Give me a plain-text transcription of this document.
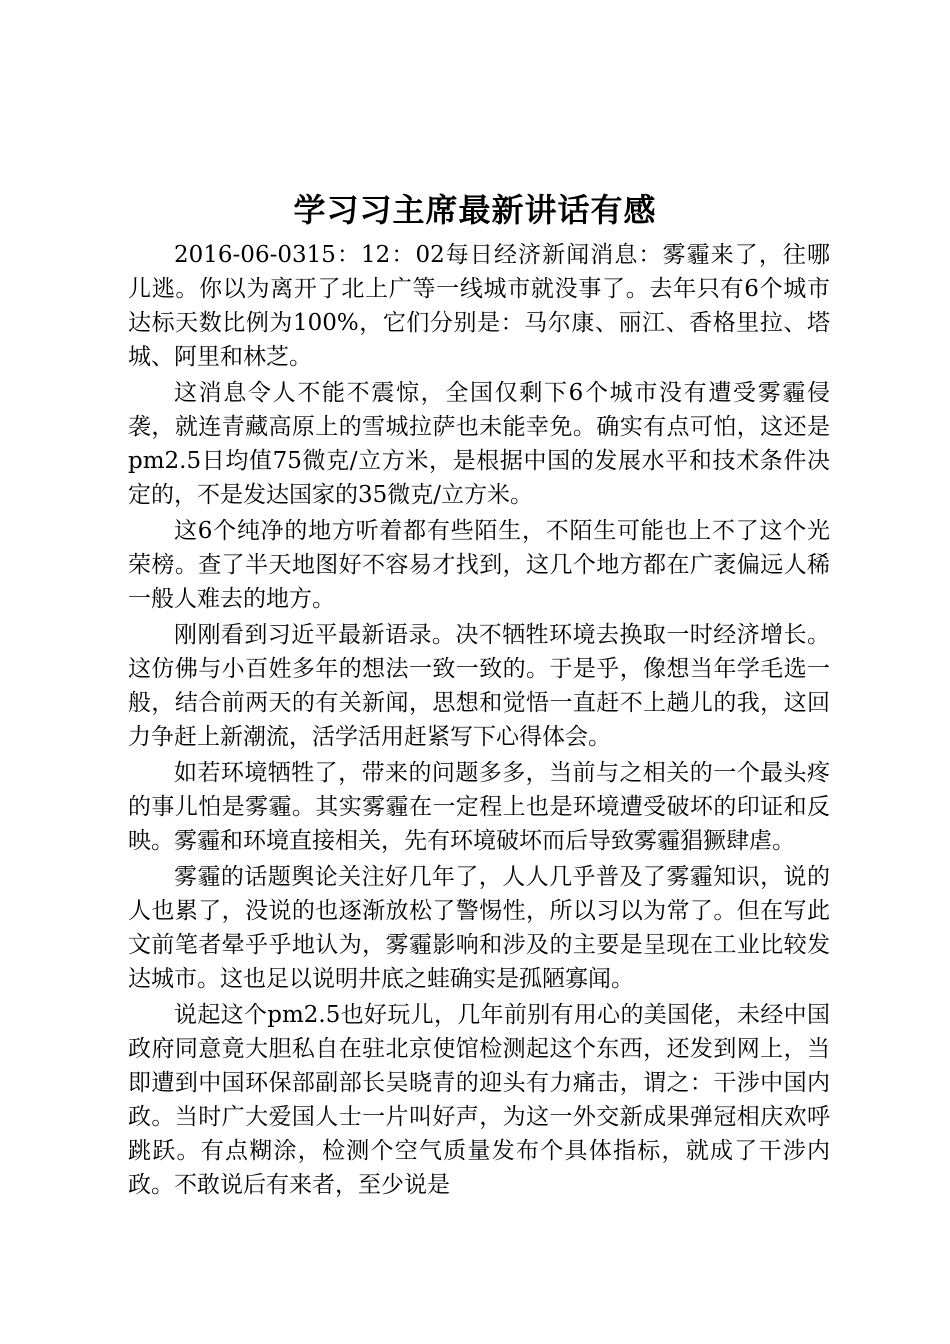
学习习主席最新讲话有感

2016-06-0315：12：02每日经济新闻消息：雾霾来了，往哪儿逃。你以为离开了北上广等一线城市就没事了。去年只有6个城市达标天数比例为100%，它们分别是：马尔康、丽江、香格里拉、塔城、阿里和林芝。

这消息令人不能不震惊，全国仅剩下6个城市没有遭受雾霾侵袭，就连青藏高原上的雪城拉萨也未能幸免。确实有点可怕，这还是pm2.5日均值75微克/立方米，是根据中国的发展水平和技术条件决定的，不是发达国家的35微克/立方米。

这6个纯净的地方听着都有些陌生，不陌生可能也上不了这个光荣榜。查了半天地图好不容易才找到，这几个地方都在广袤偏远人稀一般人难去的地方。

刚刚看到习近平最新语录。决不牺牲环境去换取一时经济增长。这仿佛与小百姓多年的想法一致一致的。于是乎，像想当年学毛选一般，结合前两天的有关新闻，思想和觉悟一直赶不上趟儿的我，这回力争赶上新潮流，活学活用赶紧写下心得体会。

如若环境牺牲了，带来的问题多多，当前与之相关的一个最头疼的事儿怕是雾霾。其实雾霾在一定程上也是环境遭受破坏的印证和反映。雾霾和环境直接相关，先有环境破坏而后导致雾霾猖獗肆虐。

雾霾的话题舆论关注好几年了，人人几乎普及了雾霾知识，说的人也累了，没说的也逐渐放松了警惕性，所以习以为常了。但在写此文前笔者晕乎乎地认为，雾霾影响和涉及的主要是呈现在工业比较发达城市。这也足以说明井底之蛙确实是孤陋寡闻。

说起这个pm2.5也好玩儿，几年前别有用心的美国佬，未经中国政府同意竟大胆私自在驻北京使馆检测起这个东西，还发到网上，当即遭到中国环保部副部长吴晓青的迎头有力痛击，谓之：干涉中国内政。当时广大爱国人士一片叫好声，为这一外交新成果弹冠相庆欢呼跳跃。有点糊涂，检测个空气质量发布个具体指标，就成了干涉内政。不敢说后有来者，至少说是
